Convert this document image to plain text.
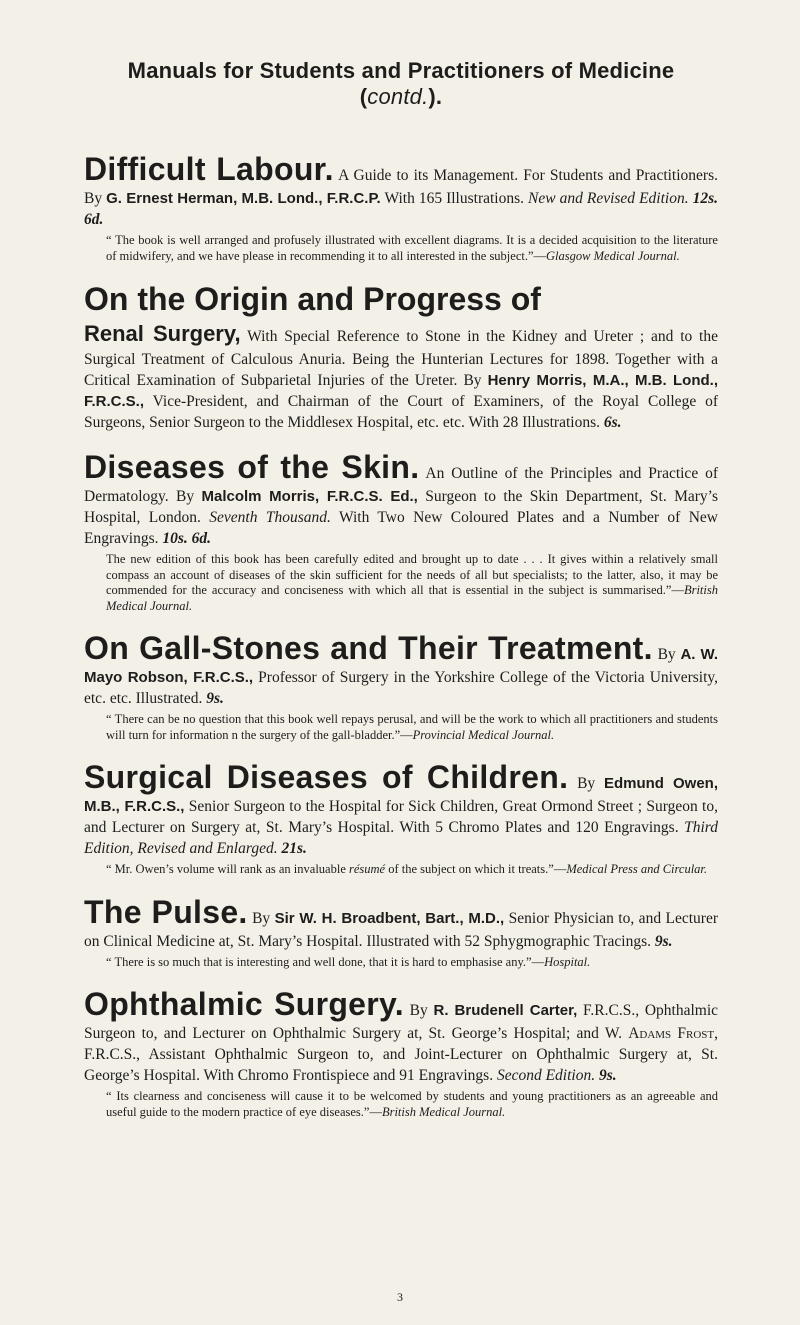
Manuals for Students and Practitioners of Medicine (contd.).

Difficult Labour. A Guide to its Management. For Students and Practitioners. By G. Ernest Herman, M.B. Lond., F.R.C.P. With 165 Illustrations. New and Revised Edition. 12s. 6d.

“ The book is well arranged and profusely illustrated with excellent diagrams. It is a decided acquisition to the literature of midwifery, and we have please in recommending it to all interested in the subject.”—Glasgow Medical Journal.

On the Origin and Progress of

Renal Surgery, With Special Reference to Stone in the Kidney and Ureter ; and to the Surgical Treatment of Calculous Anuria. Being the Hunterian Lectures for 1898. Together with a Critical Examination of Subparietal Injuries of the Ureter. By Henry Morris, M.A., M.B. Lond., F.R.C.S., Vice-President, and Chairman of the Court of Examiners, of the Royal College of Surgeons, Senior Surgeon to the Middlesex Hospital, etc. etc. With 28 Illustrations. 6s.

Diseases of the Skin. An Outline of the Principles and Practice of Dermatology. By Malcolm Morris, F.R.C.S. Ed., Surgeon to the Skin Department, St. Mary’s Hospital, London. Seventh Thousand. With Two New Coloured Plates and a Number of New Engravings. 10s. 6d.

The new edition of this book has been carefully edited and brought up to date . . . It gives within a relatively small compass an account of diseases of the skin sufficient for the needs of all but specialists; to the latter, also, it may be commended for the accuracy and conciseness with which all that is essential in the subject is summarised.”—British Medical Journal.

On Gall-Stones and Their Treatment. By A. W. Mayo Robson, F.R.C.S., Professor of Surgery in the Yorkshire College of the Victoria University, etc. etc. Illustrated. 9s.

“ There can be no question that this book well repays perusal, and will be the work to which all practitioners and students will turn for information n the surgery of the gall-bladder.”—Provincial Medical Journal.

Surgical Diseases of Children. By Edmund Owen, M.B., F.R.C.S., Senior Surgeon to the Hospital for Sick Children, Great Ormond Street ; Surgeon to, and Lecturer on Surgery at, St. Mary’s Hospital. With 5 Chromo Plates and 120 Engravings. Third Edition, Revised and Enlarged. 21s.

“ Mr. Owen’s volume will rank as an invaluable résumé of the subject on which it treats.”—Medical Press and Circular.

The Pulse. By Sir W. H. Broadbent, Bart., M.D., Senior Physician to, and Lecturer on Clinical Medicine at, St. Mary’s Hospital. Illustrated with 52 Sphygmographic Tracings. 9s.

“ There is so much that is interesting and well done, that it is hard to emphasise any.”—Hospital.

Ophthalmic Surgery. By R. Brudenell Carter, F.R.C.S., Ophthalmic Surgeon to, and Lecturer on Ophthalmic Surgery at, St. George’s Hospital; and W. Adams Frost, F.R.C.S., Assistant Ophthalmic Surgeon to, and Joint-Lecturer on Ophthalmic Surgery at, St. George’s Hospital. With Chromo Frontispiece and 91 Engravings. Second Edition. 9s.

“ Its clearness and conciseness will cause it to be welcomed by students and young practitioners as an agreeable and useful guide to the modern practice of eye diseases.”—British Medical Journal.

3
